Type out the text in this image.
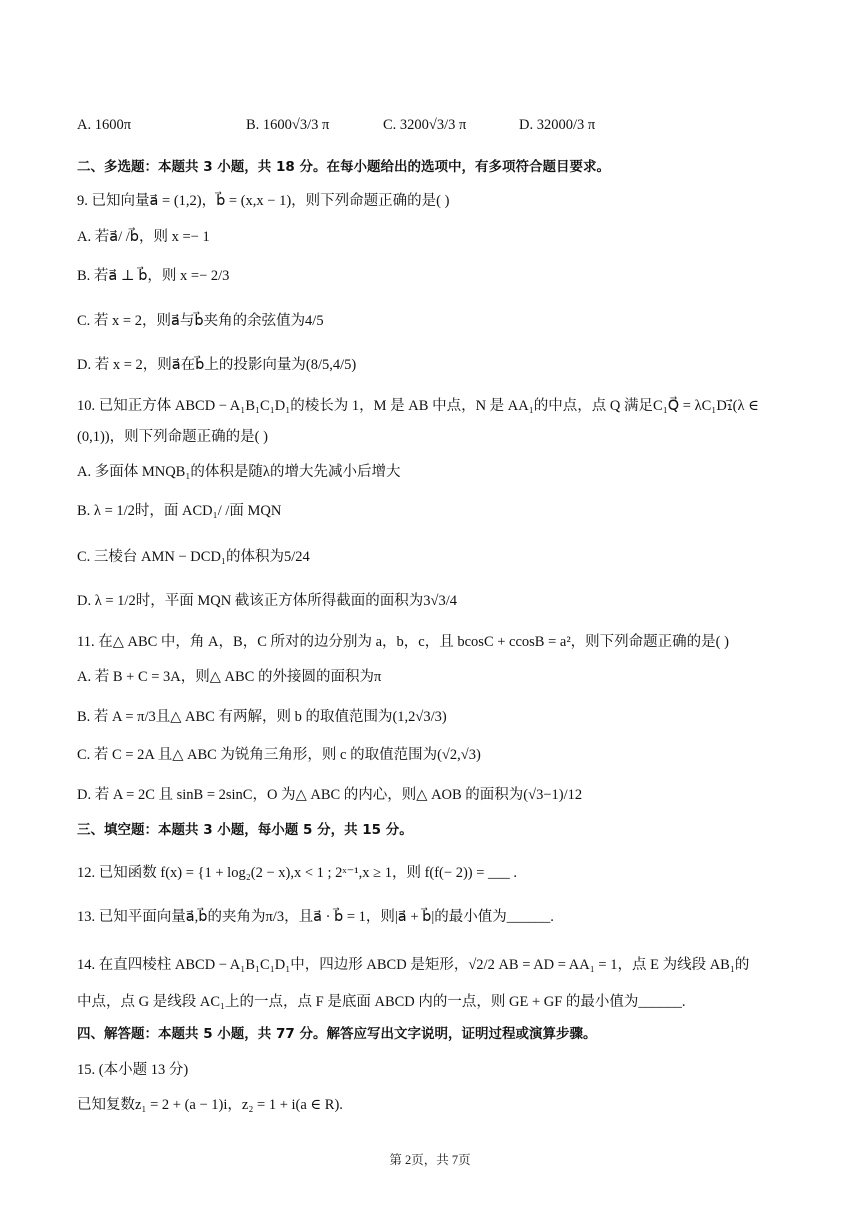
A. 1600π	B. 1600√3/3 π	C. 3200√3/3 π	D. 32000/3 π
二、多选题：本题共 3 小题，共 18 分。在每小题给出的选项中，有多项符合题目要求。
9. 已知向量a⃗ = (1,2)，b⃗ = (x,x − 1)，则下列命题正确的是( )
A. 若a⃗/ /b⃗，则 x =− 1
B. 若a⃗ ⊥ b⃗，则 x =− 2/3
C. 若 x = 2，则a⃗与b⃗夹角的余弦值为4/5
D. 若 x = 2，则a⃗在b⃗上的投影向量为(8/5,4/5)
10. 已知正方体 ABCD − A₁B₁C₁D₁的棱长为 1，M 是 AB 中点，N 是 AA₁的中点，点 Q 满足C₁Q⃗ = λC₁D₁⃗(λ ∈
(0,1))，则下列命题正确的是( )
A. 多面体 MNQB₁的体积是随λ的增大先减小后增大
B. λ = 1/2时，面 ACD₁/ /面 MQN
C. 三棱台 AMN − DCD₁的体积为5/24
D. λ = 1/2时，平面 MQN 截该正方体所得截面的面积为3√3/4
11. 在△ ABC 中，角 A，B，C 所对的边分别为 a，b，c，且 bcosC + ccosB = a²，则下列命题正确的是( )
A. 若 B + C = 3A，则△ ABC 的外接圆的面积为π
B. 若 A = π/3且△ ABC 有两解，则 b 的取值范围为(1,2√3/3)
C. 若 C = 2A 且△ ABC 为锐角三角形，则 c 的取值范围为(√2,√3)
D. 若 A = 2C 且 sinB = 2sinC，O 为△ ABC 的内心，则△ AOB 的面积为(√3−1)/12
三、填空题：本题共 3 小题，每小题 5 分，共 15 分。
12. 已知函数 f(x) = {1 + log₂(2 − x),x < 1 ; 2ˣ⁻¹,x ≥ 1，则 f(f(− 2)) = ___ .
13. 已知平面向量a⃗,b⃗的夹角为π/3，且a⃗ · b⃗ = 1，则|a⃗ + b⃗|的最小值为______.
14. 在直四棱柱 ABCD − A₁B₁C₁D₁中，四边形 ABCD 是矩形，√2/2 AB = AD = AA₁ = 1，点 E 为线段 AB₁的
中点，点 G 是线段 AC₁上的一点，点 F 是底面 ABCD 内的一点，则 GE + GF 的最小值为______.
四、解答题：本题共 5 小题，共 77 分。解答应写出文字说明，证明过程或演算步骤。
15. (本小题 13 分)
已知复数z₁ = 2 + (a − 1)i，z₂ = 1 + i(a ∈ R).
第 2页，共 7页
